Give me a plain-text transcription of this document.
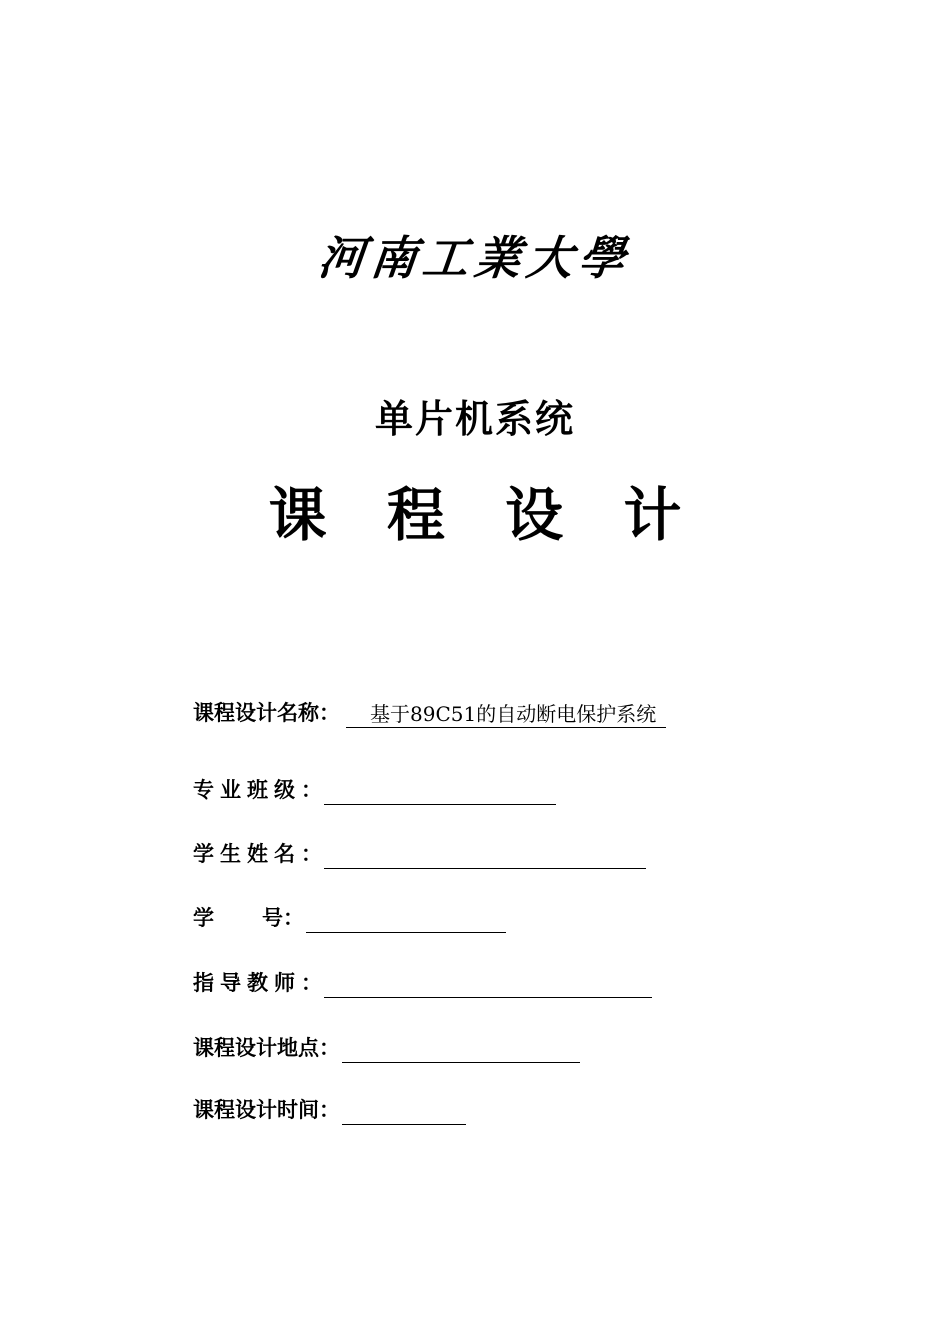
河南工業大學
单片机系统
课 程 设 计
课程设计名称： 基于89C51的自动断电保护系统
专业班级：
学生姓名：
学 号：
指导教师：
课程设计地点：
课程设计时间：
